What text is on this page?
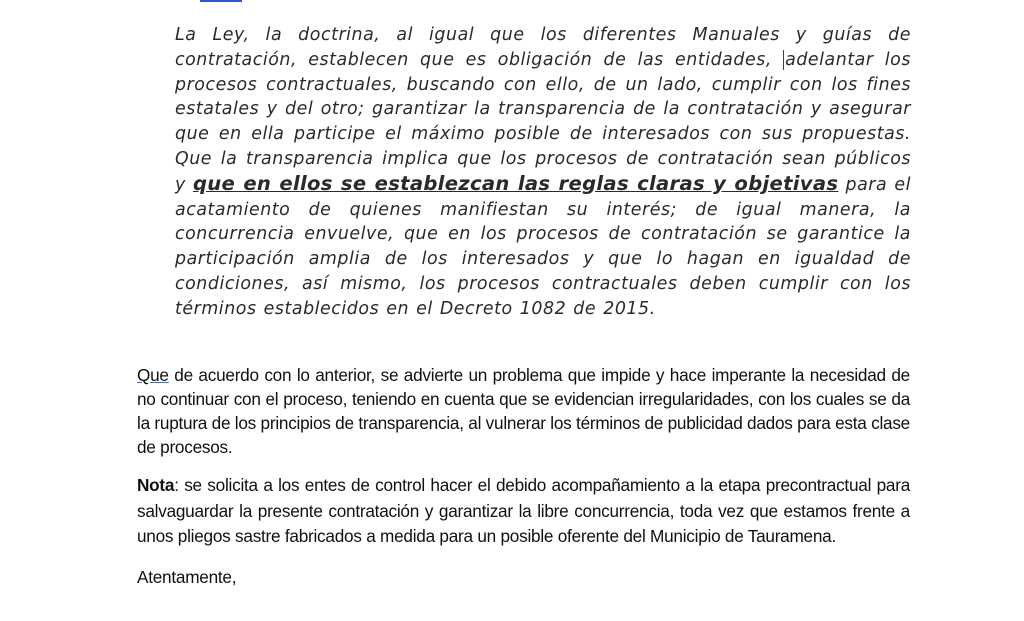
La Ley, la doctrina, al igual que los diferentes Manuales y guías de contratación, establecen que es obligación de las entidades, adelantar los procesos contractuales, buscando con ello, de un lado, cumplir con los fines estatales y del otro; garantizar la transparencia de la contratación y asegurar que en ella participe el máximo posible de interesados con sus propuestas. Que la transparencia implica que los procesos de contratación sean públicos y que en ellos se establezcan las reglas claras y objetivas para el acatamiento de quienes manifiestan su interés; de igual manera, la concurrencia envuelve, que en los procesos de contratación se garantice la participación amplia de los interesados y que lo hagan en igualdad de condiciones, así mismo, los procesos contractuales deben cumplir con los términos establecidos en el Decreto 1082 de 2015.
Que de acuerdo con lo anterior, se advierte un problema que impide y hace imperante la necesidad de no continuar con el proceso, teniendo en cuenta que se evidencian irregularidades, con los cuales se da la ruptura de los principios de transparencia, al vulnerar los términos de publicidad dados para esta clase de procesos.
Nota: se solicita a los entes de control hacer el debido acompañamiento a la etapa precontractual para salvaguardar la presente contratación y garantizar la libre concurrencia, toda vez que estamos frente a unos pliegos sastre fabricados a medida para un posible oferente del Municipio de Tauramena.
Atentamente,
